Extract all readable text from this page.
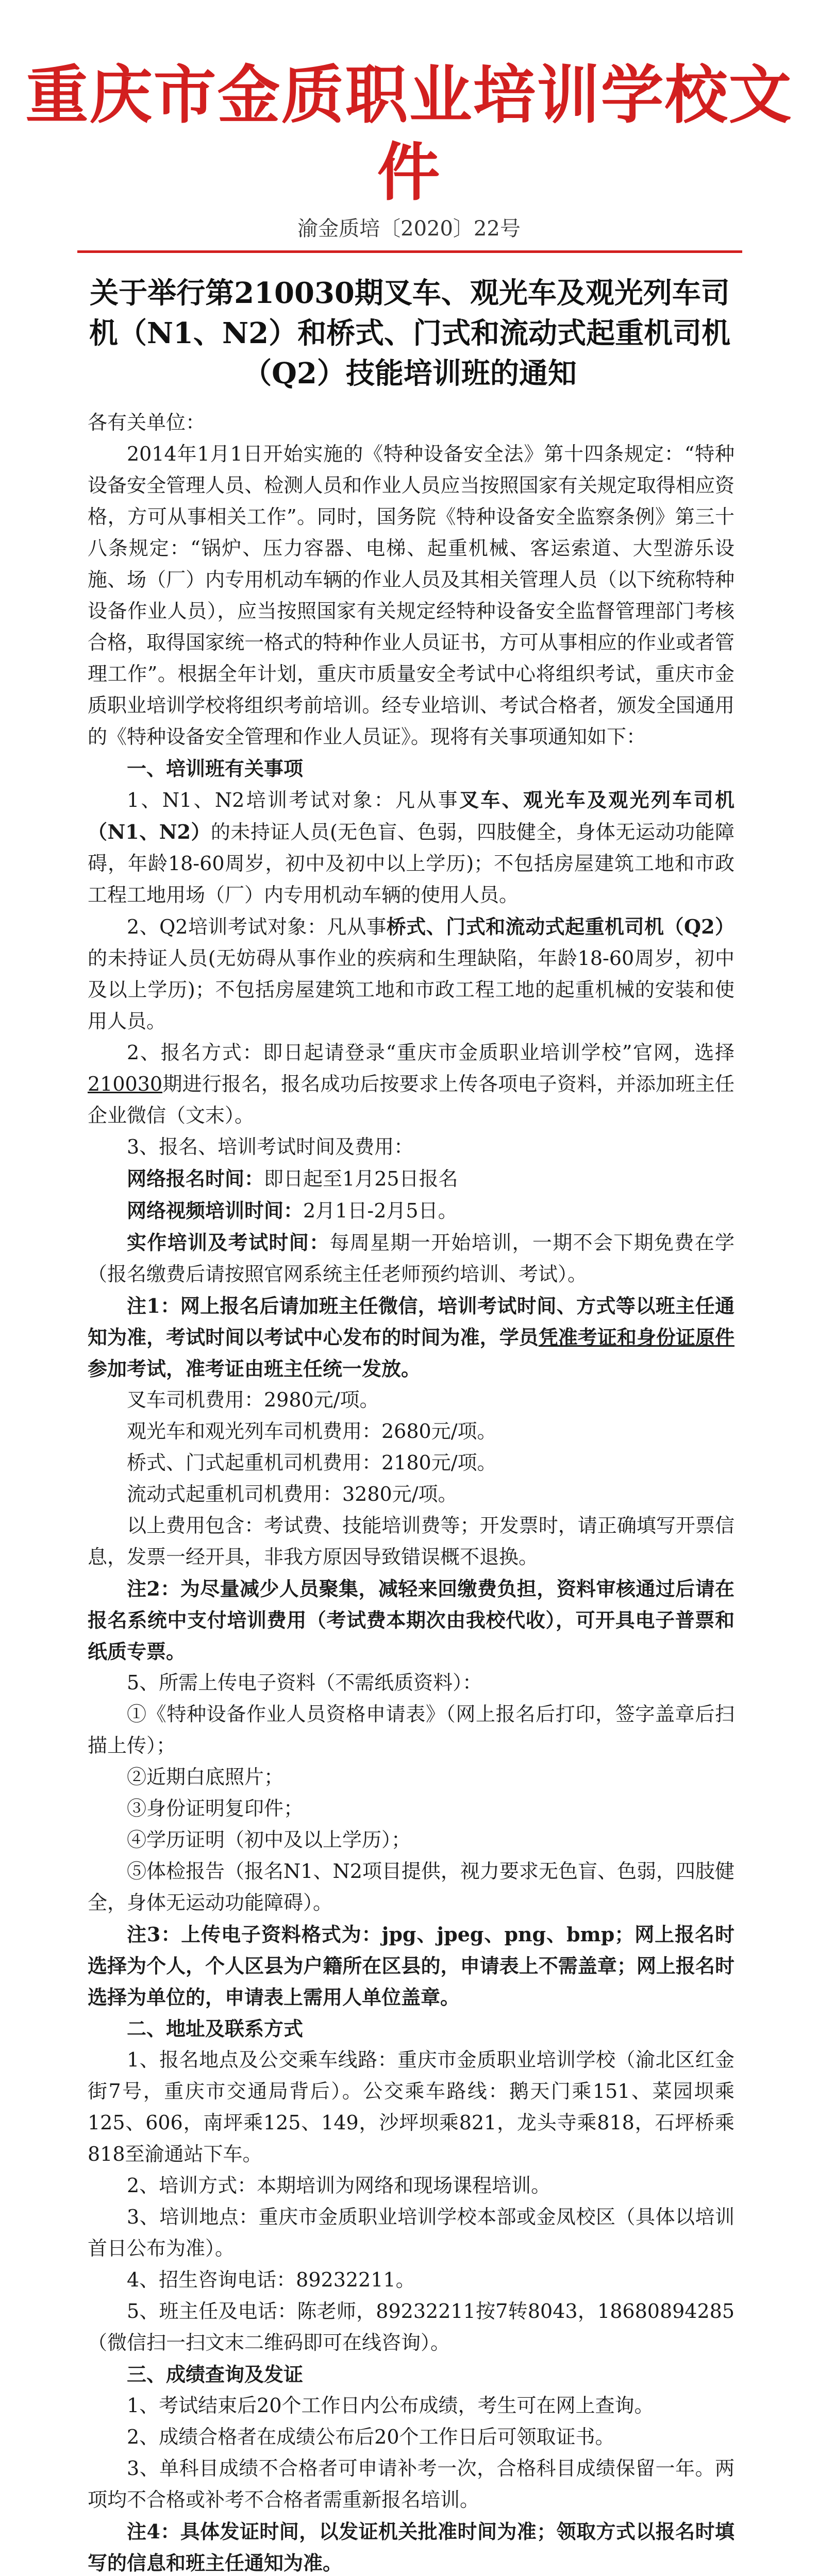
重庆市金质职业培训学校文件
渝金质培〔2020〕22号
关于举行第210030期叉车、观光车及观光列车司机（N1、N2）和桥式、门式和流动式起重机司机（Q2）技能培训班的通知

各有关单位：

2014年1月1日开始实施的《特种设备安全法》第十四条规定：“特种设备安全管理人员、检测人员和作业人员应当按照国家有关规定取得相应资格，方可从事相关工作”。同时，国务院《特种设备安全监察条例》第三十八条规定：“锅炉、压力容器、电梯、起重机械、客运索道、大型游乐设施、场（厂）内专用机动车辆的作业人员及其相关管理人员（以下统称特种设备作业人员），应当按照国家有关规定经特种设备安全监督管理部门考核合格，取得国家统一格式的特种作业人员证书，方可从事相应的作业或者管理工作”。根据全年计划，重庆市质量安全考试中心将组织考试，重庆市金质职业培训学校将组织考前培训。经专业培训、考试合格者，颁发全国通用的《特种设备安全管理和作业人员证》。现将有关事项通知如下：

一、培训班有关事项

1、N1、N2培训考试对象：凡从事叉车、观光车及观光列车司机（N1、N2）的未持证人员(无色盲、色弱，四肢健全，身体无运动功能障碍，年龄18-60周岁，初中及初中以上学历)；不包括房屋建筑工地和市政工程工地用场（厂）内专用机动车辆的使用人员。

2、Q2培训考试对象：凡从事桥式、门式和流动式起重机司机（Q2）的未持证人员(无妨碍从事作业的疾病和生理缺陷，年龄18-60周岁，初中及以上学历)；不包括房屋建筑工地和市政工程工地的起重机械的安装和使用人员。

2、报名方式：即日起请登录“重庆市金质职业培训学校”官网，选择210030期进行报名，报名成功后按要求上传各项电子资料，并添加班主任企业微信（文末）。

3、报名、培训考试时间及费用：

网络报名时间：即日起至1月25日报名

网络视频培训时间：2月1日-2月5日。

实作培训及考试时间：每周星期一开始培训，一期不会下期免费在学（报名缴费后请按照官网系统主任老师预约培训、考试）。

注1：网上报名后请加班主任微信，培训考试时间、方式等以班主任通知为准，考试时间以考试中心发布的时间为准，学员凭准考证和身份证原件参加考试，准考证由班主任统一发放。

叉车司机费用：2980元/项。

观光车和观光列车司机费用：2680元/项。

桥式、门式起重机司机费用：2180元/项。

流动式起重机司机费用：3280元/项。

以上费用包含：考试费、技能培训费等；开发票时，请正确填写开票信息，发票一经开具，非我方原因导致错误概不退换。

注2：为尽量减少人员聚集，减轻来回缴费负担，资料审核通过后请在报名系统中支付培训费用（考试费本期次由我校代收），可开具电子普票和纸质专票。

5、所需上传电子资料（不需纸质资料）：

①《特种设备作业人员资格申请表》（网上报名后打印，签字盖章后扫描上传）；

②近期白底照片；

③身份证明复印件；

④学历证明（初中及以上学历）；

⑤体检报告（报名N1、N2项目提供，视力要求无色盲、色弱，四肢健全，身体无运动功能障碍）。

注3：上传电子资料格式为：jpg、jpeg、png、bmp；网上报名时选择为个人，个人区县为户籍所在区县的，申请表上不需盖章；网上报名时选择为单位的，申请表上需用人单位盖章。

二、地址及联系方式

1、报名地点及公交乘车线路：重庆市金质职业培训学校（渝北区红金街7号，重庆市交通局背后）。公交乘车路线：鹅天门乘151、菜园坝乘125、606，南坪乘125、149，沙坪坝乘821，龙头寺乘818，石坪桥乘818至渝通站下车。

2、培训方式：本期培训为网络和现场课程培训。

3、培训地点：重庆市金质职业培训学校本部或金凤校区（具体以培训首日公布为准）。

4、招生咨询电话：89232211。

5、班主任及电话：陈老师，89232211按7转8043，18680894285（微信扫一扫文末二维码即可在线咨询）。

三、成绩查询及发证

1、考试结束后20个工作日内公布成绩，考生可在网上查询。

2、成绩合格者在成绩公布后20个工作日后可领取证书。

3、单科目成绩不合格者可申请补考一次，合格科目成绩保留一年。两项均不合格或补考不合格者需重新报名培训。

注4：具体发证时间，以发证机关批准时间为准；领取方式以报名时填写的信息和班主任通知为准。
